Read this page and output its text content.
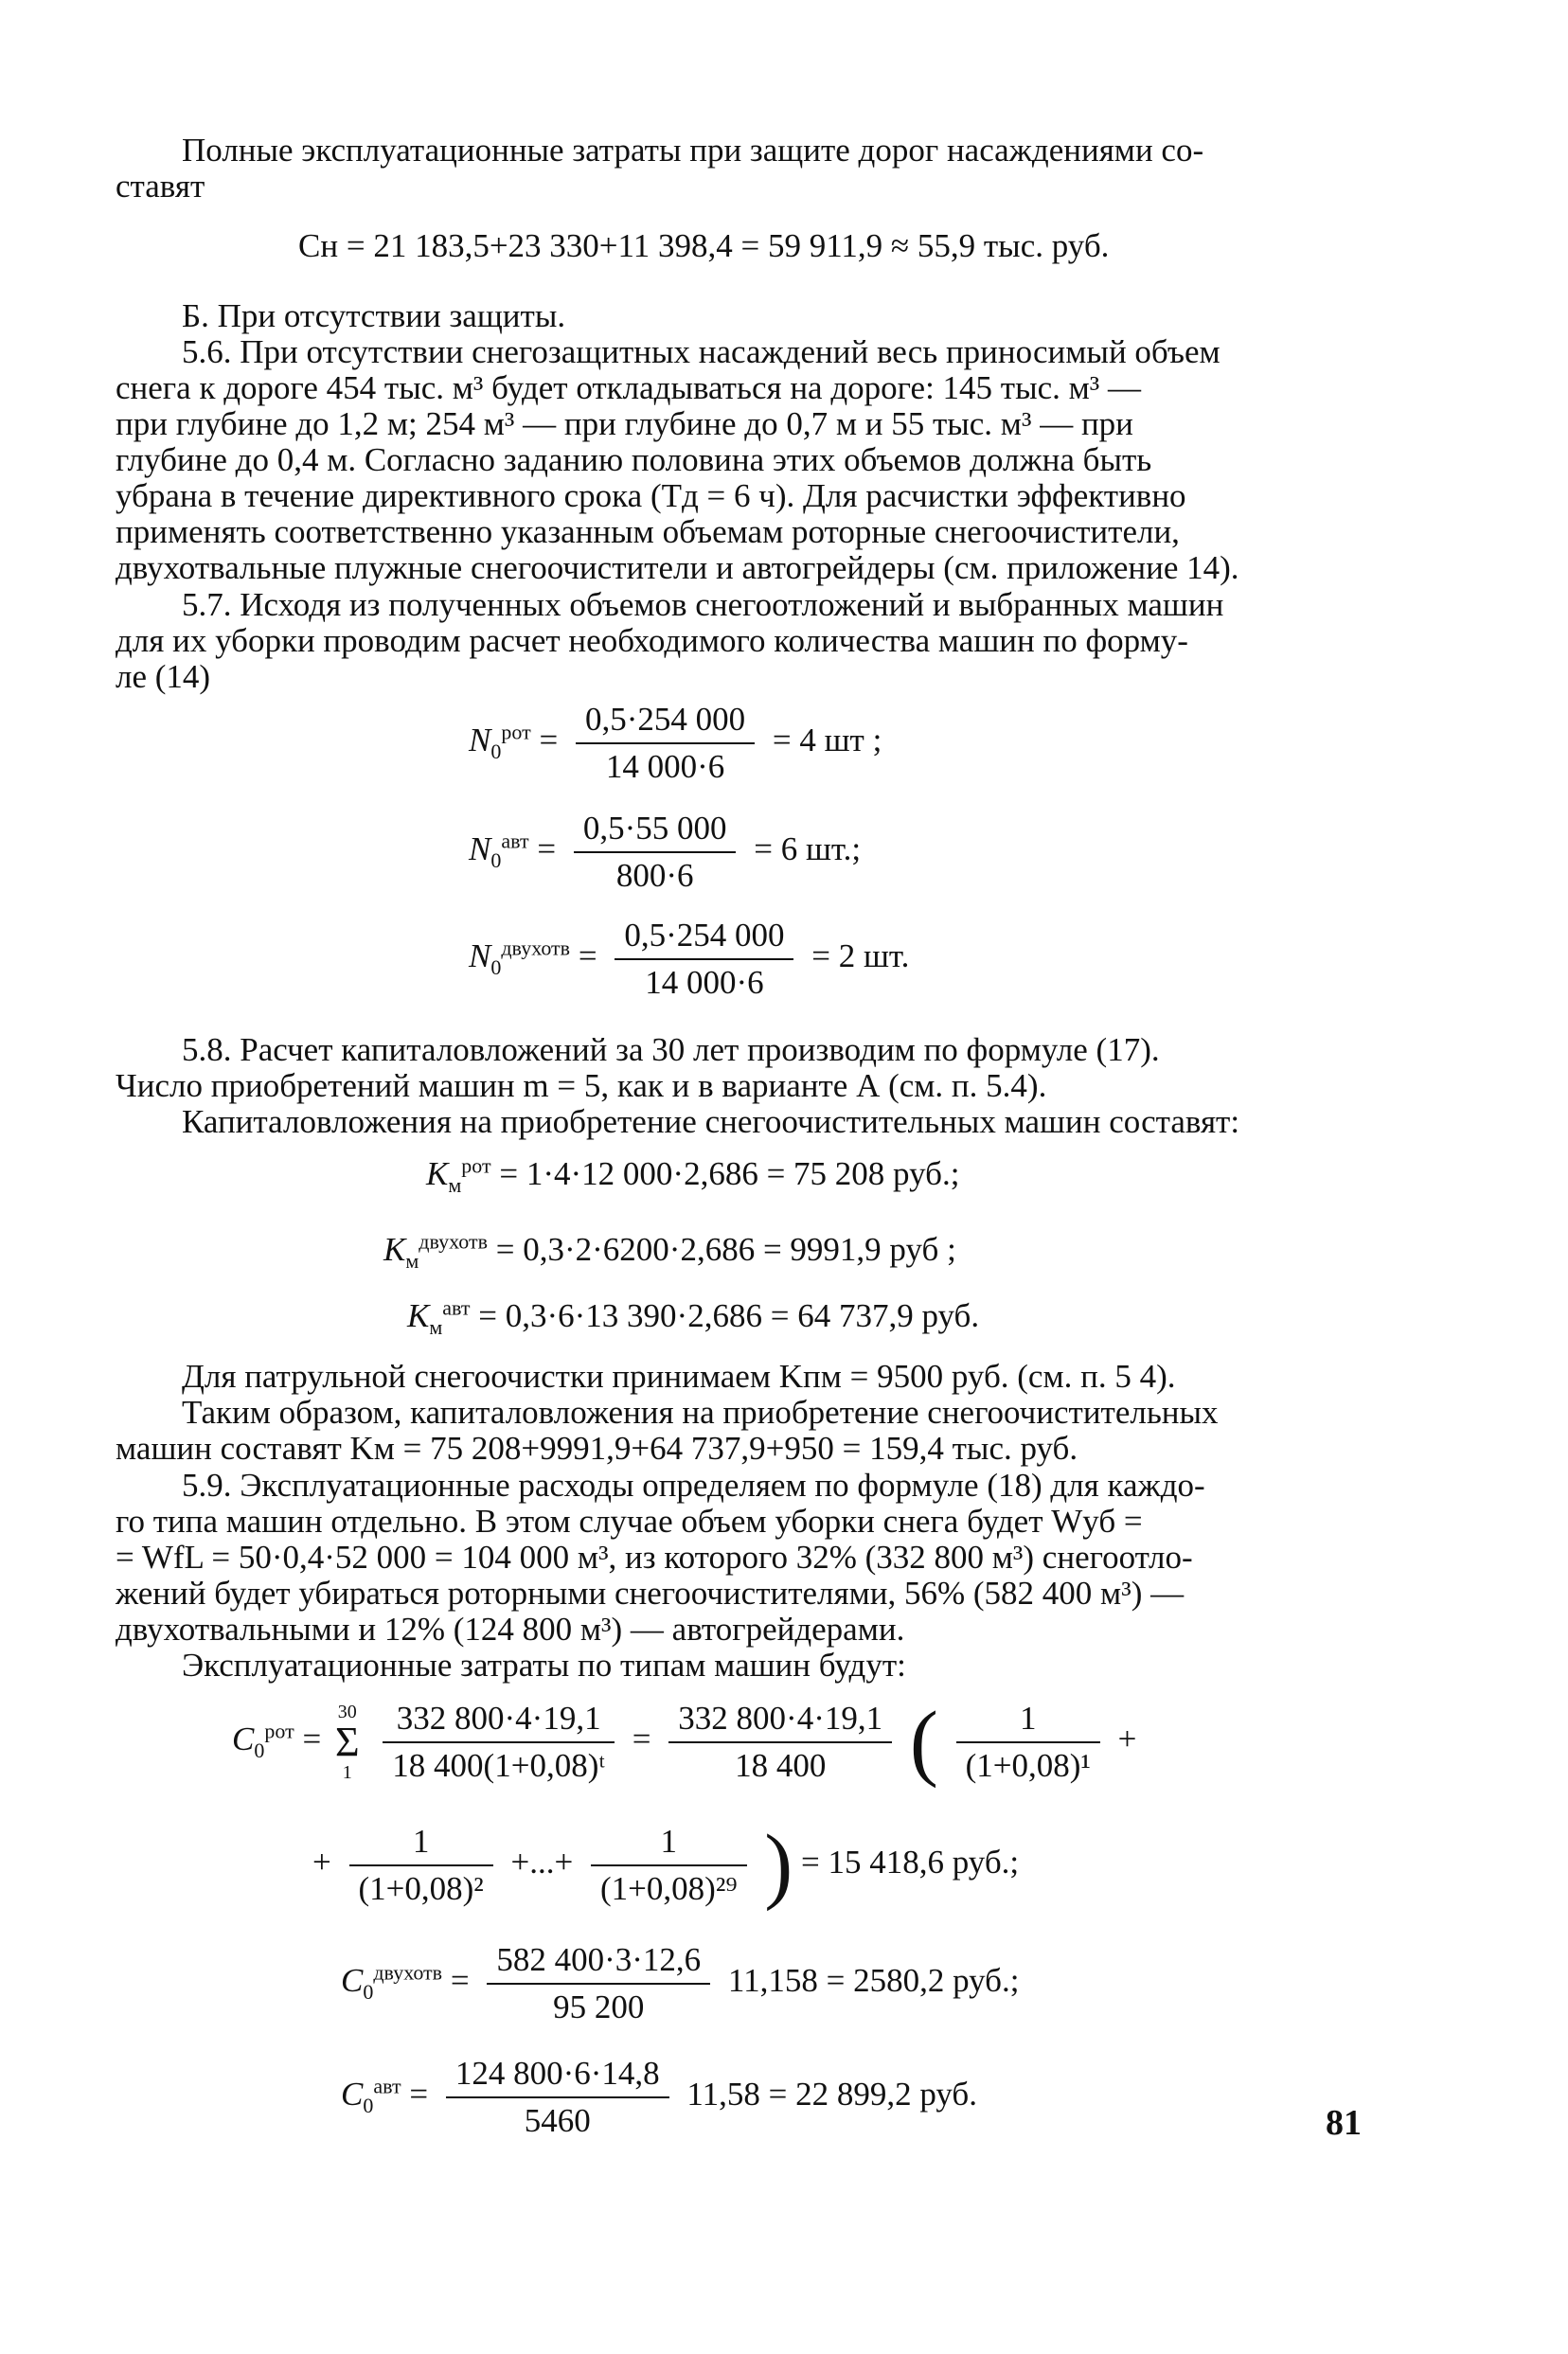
Полные эксплуатационные затраты при защите дорог насаждениями со-
ставят
Cн = 21 183,5+23 330+11 398,4 = 59 911,9 ≈ 55,9 тыс. руб.
Б. При отсутствии защиты.
5.6. При отсутствии снегозащитных насаждений весь приносимый объем
снега к дороге 454 тыс. м³ будет откладываться на дороге: 145 тыс. м³ —
при глубине до 1,2 м; 254 м³ — при глубине до 0,7 м и 55 тыс. м³ — при
глубине до 0,4 м. Согласно заданию половина этих объемов должна быть
убрана в течение директивного срока (Тд = 6 ч). Для расчистки эффективно
применять соответственно указанным объемам роторные снегоочистители,
двухотвальные плужные снегоочистители и автогрейдеры (см. приложение 14).
5.7. Исходя из полученных объемов снегоотложений и выбранных машин
для их уборки проводим расчет необходимого количества машин по форму-
ле (14)
$N_0^{рот} = \frac{0,5\cdot 254 000}{14 000\cdot 6} = 4$ шт ;
$N_0^{авт} = \frac{0,5\cdot 55 000}{800\cdot 6} = 6$ шт.;
$N_0^{двухотв} = \frac{0,5\cdot 254 000}{14 000\cdot 6} = 2$ шт.
5.8. Расчет капиталовложений за 30 лет производим по формуле (17).
Число приобретений машин m = 5, как и в варианте А (см. п. 5.4).
Капиталовложения на приобретение снегоочистительных машин составят:
$K_м^{рот} = 1\cdot 4\cdot 12$ 000·2,686 = 75 208 руб.;
$K_м^{двухотв} = 0,3\cdot 2\cdot 6200\cdot 2,686 = 9991,9$ руб ;
$K_м^{авт} = 0,3\cdot 6\cdot 13$ 390·2,686 = 64 737,9 руб.
Для патрульной снегоочистки принимаем Kпм = 9500 руб. (см. п. 5 4).
Таким образом, капиталовложения на приобретение снегоочистительных
машин составят Kм = 75 208+9991,9+64 737,9+950 = 159,4 тыс. руб.
5.9. Эксплуатационные расходы определяем по формуле (18) для каждо-
го типа машин отдельно. В этом случае объем уборки снега будет Wуб =
= WfL = 50·0,4·52 000 = 104 000 м³, из которого 32% (332 800 м³) снегоотло-
жений будет убираться роторными снегоочистителями, 56% (582 400 м³) —
двухотвальными и 12% (124 800 м³) — автогрейдерами.
Эксплуатационные затраты по типам машин будут:
$C_0^{рот}$ =
30
Σ
1
$\frac{332 800\cdot 4\cdot 19,1}{\text{18 400(1+0,08)ᵗ}} = \frac{332 800\cdot 4\cdot 19,1}{18 400}$ ( $\frac{1}{\text{(1+0,08)¹}}$ +
+ $\frac{1}{\text{(1+0,08)²}}$ +...+ $\frac{1}{\text{(1+0,08)²⁹}}$ ) = 15 418,6 руб.;
$C_0^{двухотв} = \frac{582 400\cdot 3\cdot 12,6}{95 200} 11,158 = 2580,2$ руб.;
$C_0^{авт} = \frac{124 800\cdot 6\cdot 14,8}{5460} 11,58 = 22$ 899,2 руб.
81
